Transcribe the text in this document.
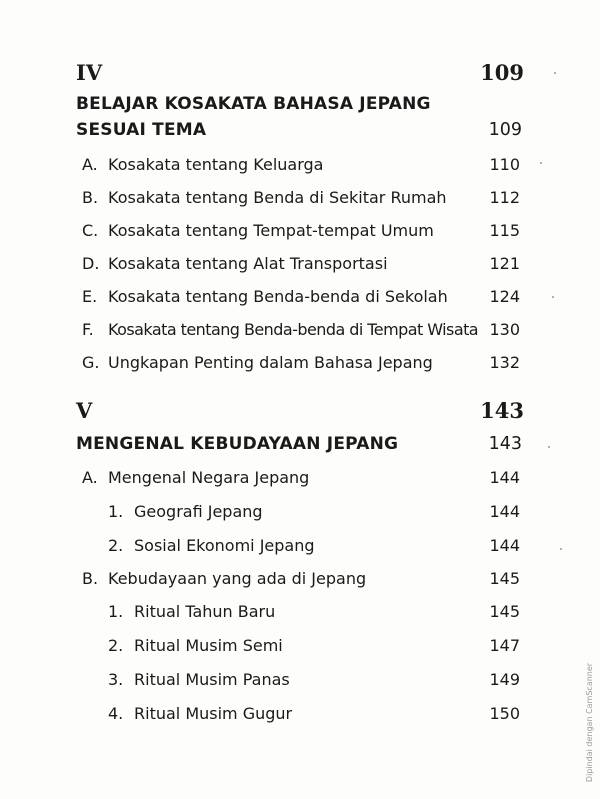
IV	109
BELAJAR KOSAKATA BAHASA JEPANG
SESUAI TEMA	109
A. Kosakata tentang Keluarga	110
B. Kosakata tentang Benda di Sekitar Rumah	112
C. Kosakata tentang Tempat-tempat Umum	115
D. Kosakata tentang Alat Transportasi	121
E. Kosakata tentang Benda-benda di Sekolah	124
F. Kosakata tentang Benda-benda di Tempat Wisata 130
G. Ungkapan Penting dalam Bahasa Jepang	132
V	143
MENGENAL KEBUDAYAAN JEPANG	143
A. Mengenal Negara Jepang	144
1. Geografi Jepang	144
2. Sosial Ekonomi Jepang	144
B. Kebudayaan yang ada di Jepang	145
1. Ritual Tahun Baru	145
2. Ritual Musim Semi	147
3. Ritual Musim Panas	149
4. Ritual Musim Gugur	150	Dipindai dengan CamScanner
